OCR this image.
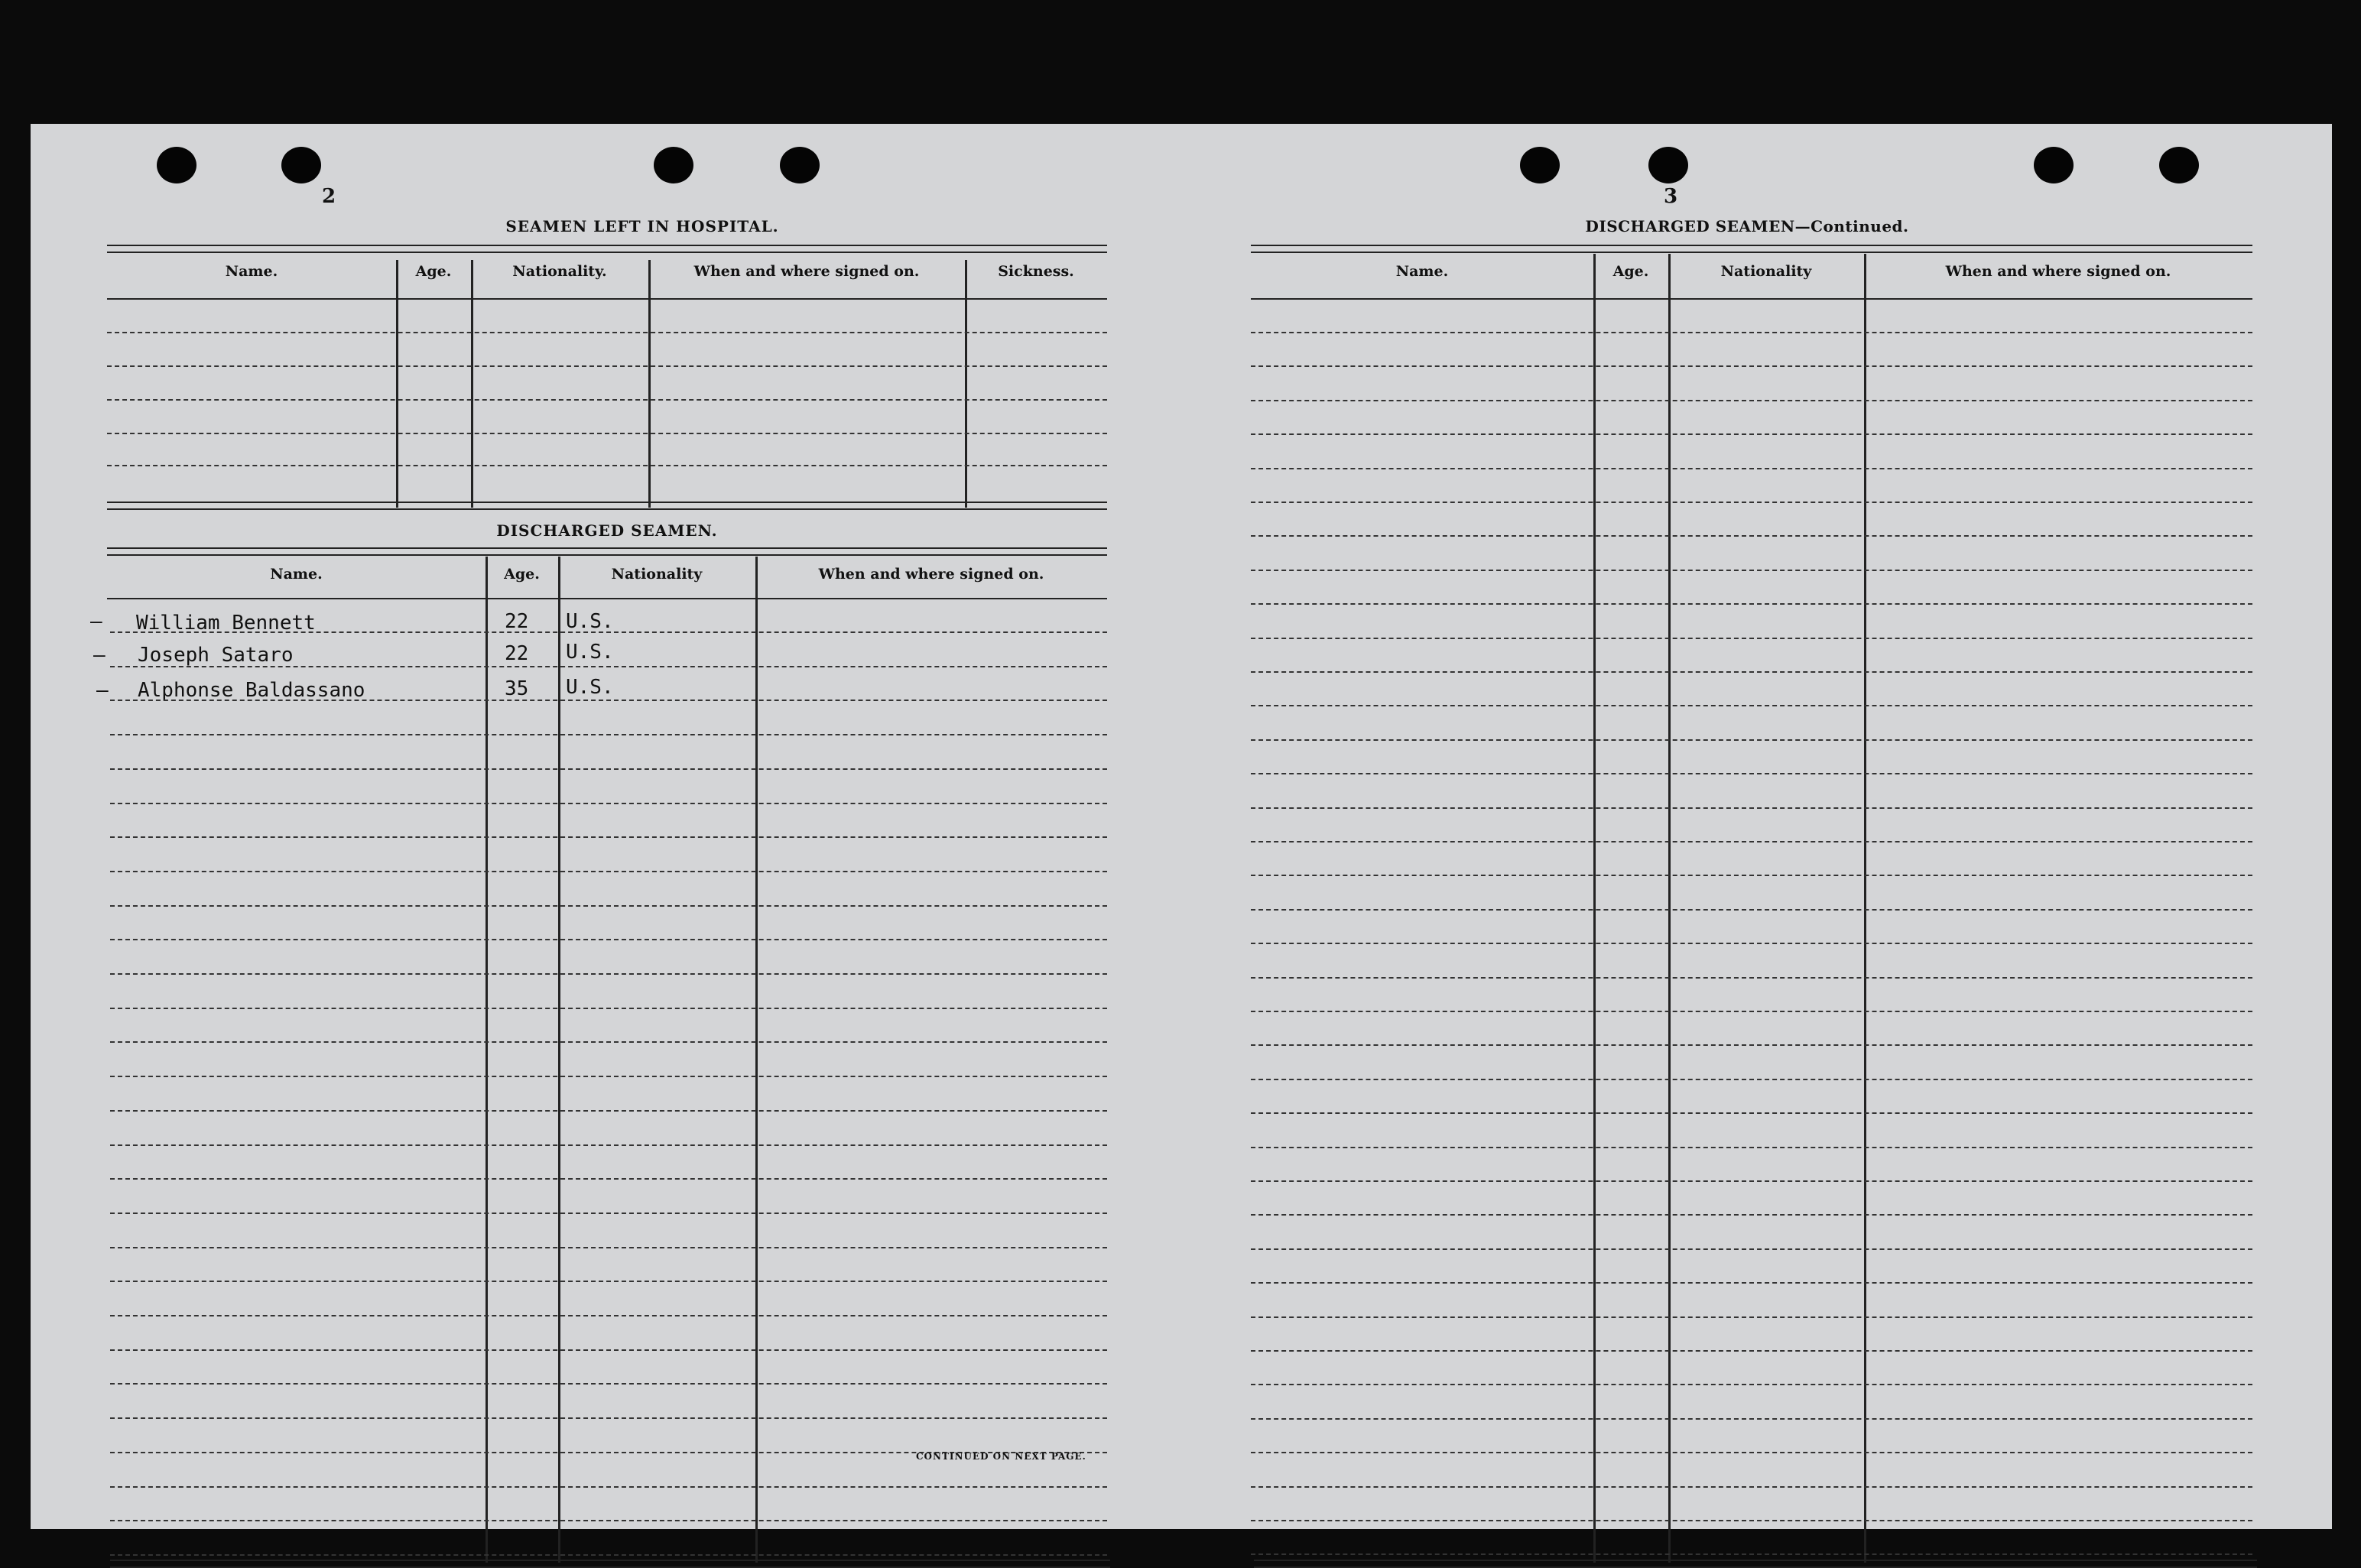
2
SEAMEN LEFT IN HOSPITAL.
Name.	Age.	Nationality.	When and where signed on.	Sickness.
DISCHARGED SEAMEN.
Name.	Age.	Nationality	When and where signed on.
— William Bennett	22 U.S.
— Joseph Sataro	22 U.S.
— Alphonse Baldassano	35 U.S.
CONTINUED ON NEXT PAGE.
3
DISCHARGED SEAMEN—Continued.
Name.	Age.	Nationality	When and where signed on.
